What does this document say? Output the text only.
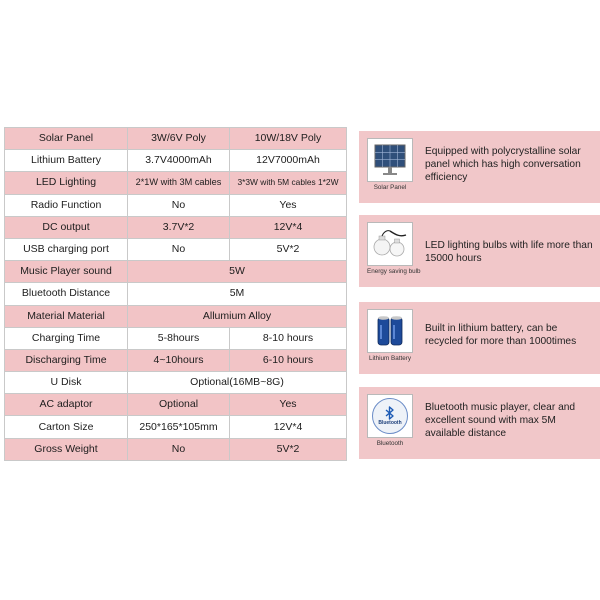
Solar Panel	3W/6V Poly	10W/18V Poly
Lithium Battery	3.7V4000mAh	12V7000mAh
LED Lighting	2*1W with 3M cables	3*3W with 5M cables 1*2W
Radio Function	No	Yes
DC output	3.7V*2	12V*4
USB charging port	No	5V*2
Music Player sound	5W	
Bluetooth Distance	5M	
Material Material	Allumium Alloy	
Charging Time	5-8hours	8-10 hours
Discharging Time	4~10hours	6-10 hours
U Disk	Optional(16MB~8G)	
AC adaptor	Optional	Yes
Carton Size	250*165*105mm	12V*4
Gross Weight	No	5V*2
Solar Panel
Equipped with polycrystalline solar panel which has high conversation efficiency
Energy saving bulb
LED lighting bulbs with life more than 15000 hours
Lithium Battery
Built in lithium battery, can be recycled for more than 1000times
Bluetooth
Bluetooth
Bluetooth music player, clear and excellent sound with max 5M available distance
